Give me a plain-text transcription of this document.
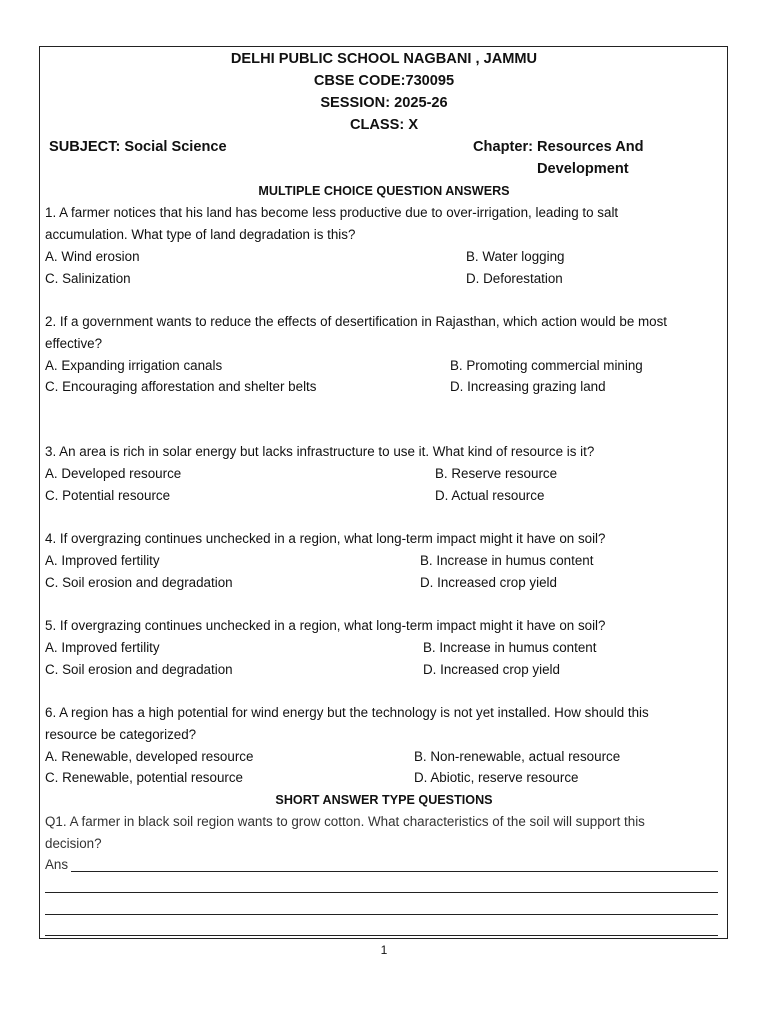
DELHI PUBLIC SCHOOL NAGBANI , JAMMU
CBSE CODE:730095
SESSION: 2025-26
CLASS: X
SUBJECT: Social Science	Chapter: Resources And
Development
MULTIPLE CHOICE QUESTION ANSWERS
1. A farmer notices that his land has become less productive due to over-irrigation, leading to salt
accumulation. What type of land degradation is this?
A. Wind erosion	B. Water logging
C. Salinization	D. Deforestation
2. If a government wants to reduce the effects of desertification in Rajasthan, which action would be most
effective?
A. Expanding irrigation canals	B. Promoting commercial mining
C. Encouraging afforestation and shelter belts	D. Increasing grazing land
3. An area is rich in solar energy but lacks infrastructure to use it. What kind of resource is it?
A. Developed resource	B. Reserve resource
C. Potential resource	D. Actual resource
4. If overgrazing continues unchecked in a region, what long-term impact might it have on soil?
A. Improved fertility	B. Increase in humus content
C. Soil erosion and degradation	D. Increased crop yield
5. If overgrazing continues unchecked in a region, what long-term impact might it have on soil?
A. Improved fertility	B. Increase in humus content
C. Soil erosion and degradation	D. Increased crop yield
6. A region has a high potential for wind energy but the technology is not yet installed. How should this
resource be categorized?
A. Renewable, developed resource	B. Non-renewable, actual resource
C. Renewable, potential resource	D. Abiotic, reserve resource
SHORT ANSWER TYPE QUESTIONS
Q1. A farmer in black soil region wants to grow cotton. What characteristics of the soil will support this
decision?
Ans
1
